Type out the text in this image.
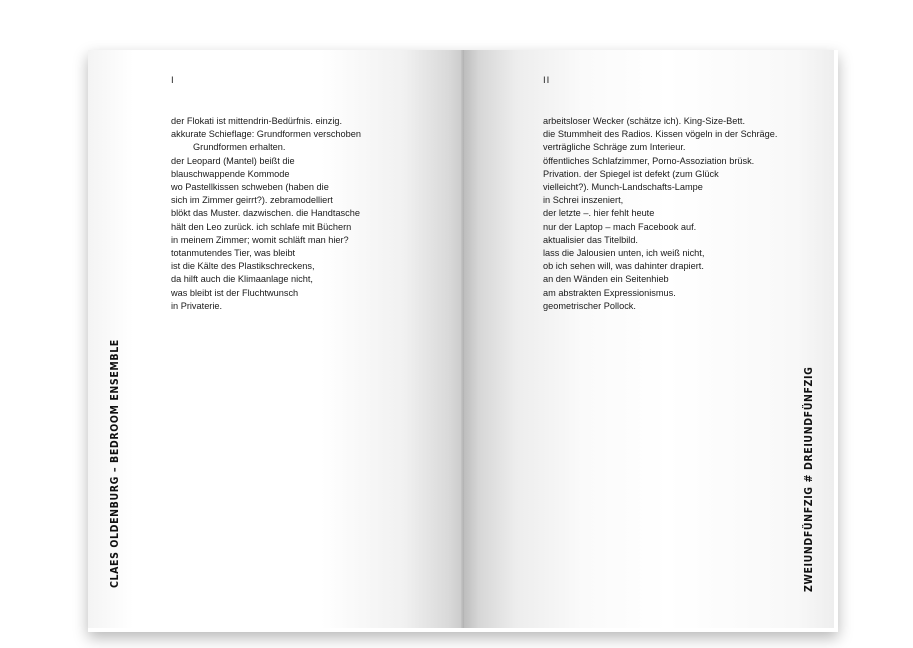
I
der Flokati ist mittendrin-Bedürfnis. einzig.
akkurate Schieflage: Grundformen verschoben
Grundformen erhalten.
der Leopard (Mantel) beißt die
blauschwappende Kommode
wo Pastellkissen schweben (haben die
sich im Zimmer geirrt?). zebramodelliert
blökt das Muster. dazwischen. die Handtasche
hält den Leo zurück. ich schlafe mit Büchern
in meinem Zimmer; womit schläft man hier?
totanmutendes Tier, was bleibt
ist die Kälte des Plastikschreckens,
da hilft auch die Klimaanlage nicht,
was bleibt ist der Fluchtwunsch
in Privaterie.
CLAES OLDENBURG – BEDROOM ENSEMBLE
II
arbeitsloser Wecker (schätze ich). King-Size-Bett.
die Stummheit des Radios. Kissen vögeln in der Schräge.
verträgliche Schräge zum Interieur.
öffentliches Schlafzimmer, Porno-Assoziation brüsk.
Privation. der Spiegel ist defekt (zum Glück
vielleicht?). Munch-Landschafts-Lampe
in Schrei inszeniert,
der letzte –. hier fehlt heute
nur der Laptop – mach Facebook auf.
aktualisier das Titelbild.
lass die Jalousien unten, ich weiß nicht,
ob ich sehen will, was dahinter drapiert.
an den Wänden ein Seitenhieb
am abstrakten Expressionismus.
geometrischer Pollock.
ZWEIUNDFÜNFZIG # DREIUNDFÜNFZIG
